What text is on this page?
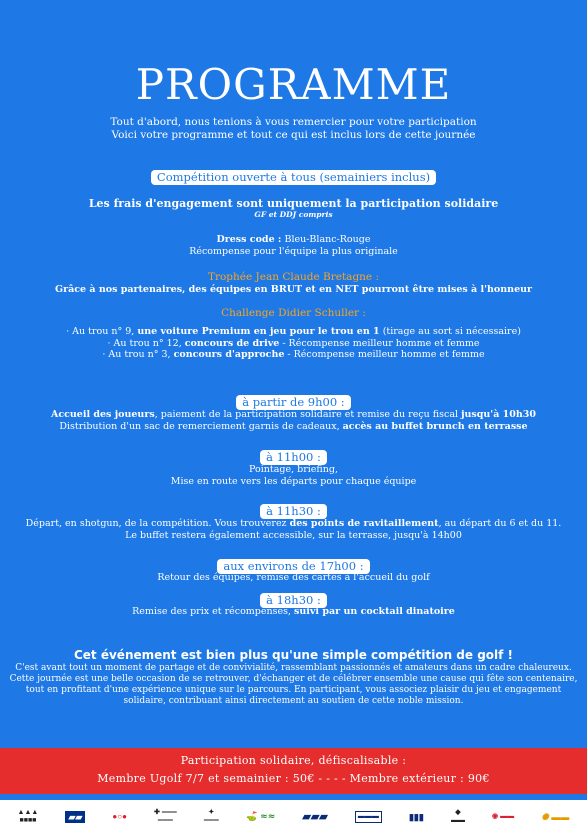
PROGRAMME
Tout d'abord, nous tenions à vous remercier pour votre participation
Voici votre programme et tout ce qui est inclus lors de cette journée
Compétition ouverte à tous (semainiers inclus)
Les frais d'engagement sont uniquement la participation solidaire
GF et DDJ compris
Dress code : Bleu-Blanc-Rouge
Récompense pour l'équipe la plus originale
Trophée Jean Claude Bretagne :
Grâce à nos partenaires, des équipes en BRUT et en NET pourront être mises à l'honneur
Challenge Didier Schuller :
· Au trou n° 9, une voiture Premium en jeu pour le trou en 1 (tirage au sort si nécessaire)
· Au trou n° 12, concours de drive - Récompense meilleur homme et femme
· Au trou n° 3, concours d'approche - Récompense meilleur homme et femme
à partir de 9h00 :
Accueil des joueurs, paiement de la participation solidaire et remise du reçu fiscal jusqu'à 10h30
Distribution d'un sac de remerciement garnis de cadeaux, accès au buffet brunch en terrasse
à 11h00 :
Pointage, briefing,
Mise en route vers les départs pour chaque équipe
à 11h30 :
Départ, en shotgun, de la compétition. Vous trouverez des points de ravitaillement, au départ du 6 et du 11.
Le buffet restera également accessible, sur la terrasse, jusqu'à 14h00
aux environs de 17h00 :
Retour des équipes, remise des cartes à l'accueil du golf
à 18h30 :
Remise des prix et récompenses, suivi par un cocktail dinatoire
Cet événement est bien plus qu'une simple compétition de golf !
C'est avant tout un moment de partage et de convivialité, rassemblant passionnés et amateurs dans un cadre chaleureux.
Cette journée est une belle occasion de se retrouver, d'échanger et de célébrer ensemble une cause qui fête son centenaire,
tout en profitant d'une expérience unique sur le parcours. En participant, vous associez plaisir du jeu et engagement
solidaire, contribuant ainsi directement au soutien de cette noble mission.
Participation solidaire, défiscalisable :
Membre Ugolf 7/7 et semainier : 50€ - - - - Membre extérieur : 90€
▲▲▲
■■■■	▰▰	●○●	✚ ═══
═══
✦
═══	⛳ ≈≈ ▰▰▰	▬▬▬	▮▮▮	◆
▬▬
◉ ▬▬	✺ ▬▬
